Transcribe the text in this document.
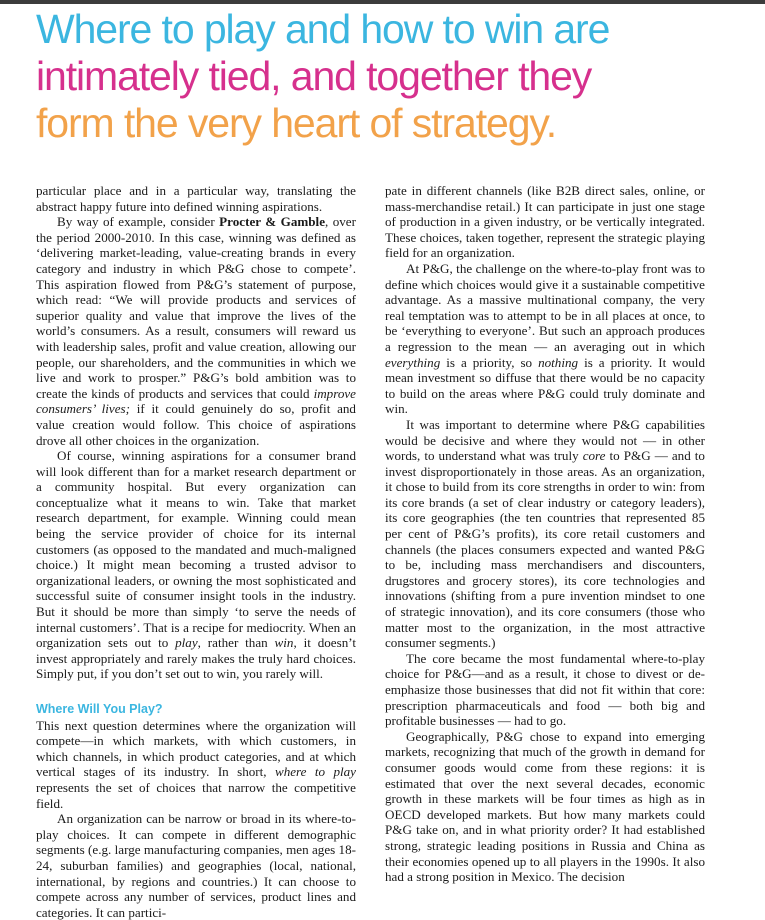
Where to play and how to win are
intimately tied, and together they
form the very heart of strategy.

particular place and in a particular way, translating the abstract happy future into defined winning aspirations.

By way of example, consider Procter & Gamble, over the period 2000-2010. In this case, winning was defined as ‘delivering market-leading, value-creating brands in every category and industry in which P&G chose to compete’. This aspiration flowed from P&G’s statement of purpose, which read: “We will provide products and services of superior quality and value that improve the lives of the world’s consumers. As a result, consumers will reward us with leadership sales, profit and value creation, allowing our people, our shareholders, and the communities in which we live and work to prosper.” P&G’s bold ambition was to create the kinds of products and services that could improve consumers’ lives; if it could genuinely do so, profit and value creation would follow. This choice of aspirations drove all other choices in the organization.

Of course, winning aspirations for a consumer brand will look different than for a market research department or a community hospital. But every organization can conceptualize what it means to win. Take that market research department, for example. Winning could mean being the service provider of choice for its internal customers (as opposed to the mandated and much-maligned choice.) It might mean becoming a trusted advisor to organizational leaders, or owning the most sophisticated and successful suite of consumer insight tools in the industry. But it should be more than simply ‘to serve the needs of internal customers’. That is a recipe for mediocrity. When an organization sets out to play, rather than win, it doesn’t invest appropriately and rarely makes the truly hard choices. Simply put, if you don’t set out to win, you rarely will.

Where Will You Play?

This next question determines where the organization will compete—in which markets, with which customers, in which channels, in which product categories, and at which vertical stages of its industry. In short, where to play represents the set of choices that narrow the competitive field.

An organization can be narrow or broad in its where-to-play choices. It can compete in different demographic segments (e.g. large manufacturing companies, men ages 18-24, suburban families) and geographies (local, national, international, by regions and countries.) It can choose to compete across any number of services, product lines and categories. It can partici-

pate in different channels (like B2B direct sales, online, or mass-merchandise retail.) It can participate in just one stage of production in a given industry, or be vertically integrated. These choices, taken together, represent the strategic playing field for an organization.

At P&G, the challenge on the where-to-play front was to define which choices would give it a sustainable competitive advantage. As a massive multinational company, the very real temptation was to attempt to be in all places at once, to be ‘everything to everyone’. But such an approach produces a regression to the mean — an averaging out in which everything is a priority, so nothing is a priority. It would mean investment so diffuse that there would be no capacity to build on the areas where P&G could truly dominate and win.

It was important to determine where P&G capabilities would be decisive and where they would not — in other words, to understand what was truly core to P&G — and to invest disproportionately in those areas. As an organization, it chose to build from its core strengths in order to win: from its core brands (a set of clear industry or category leaders), its core geographies (the ten countries that represented 85 per cent of P&G’s profits), its core retail customers and channels (the places consumers expected and wanted P&G to be, including mass merchandisers and discounters, drugstores and grocery stores), its core technologies and innovations (shifting from a pure invention mindset to one of strategic innovation), and its core consumers (those who matter most to the organization, in the most attractive consumer segments.)

The core became the most fundamental where-to-play choice for P&G—and as a result, it chose to divest or de-emphasize those businesses that did not fit within that core: prescription pharmaceuticals and food — both big and profitable businesses — had to go.

Geographically, P&G chose to expand into emerging markets, recognizing that much of the growth in demand for consumer goods would come from these regions: it is estimated that over the next several decades, economic growth in these markets will be four times as high as in OECD developed markets. But how many markets could P&G take on, and in what priority order? It had established strong, strategic leading positions in Russia and China as their economies opened up to all players in the 1990s. It also had a strong position in Mexico. The decision
